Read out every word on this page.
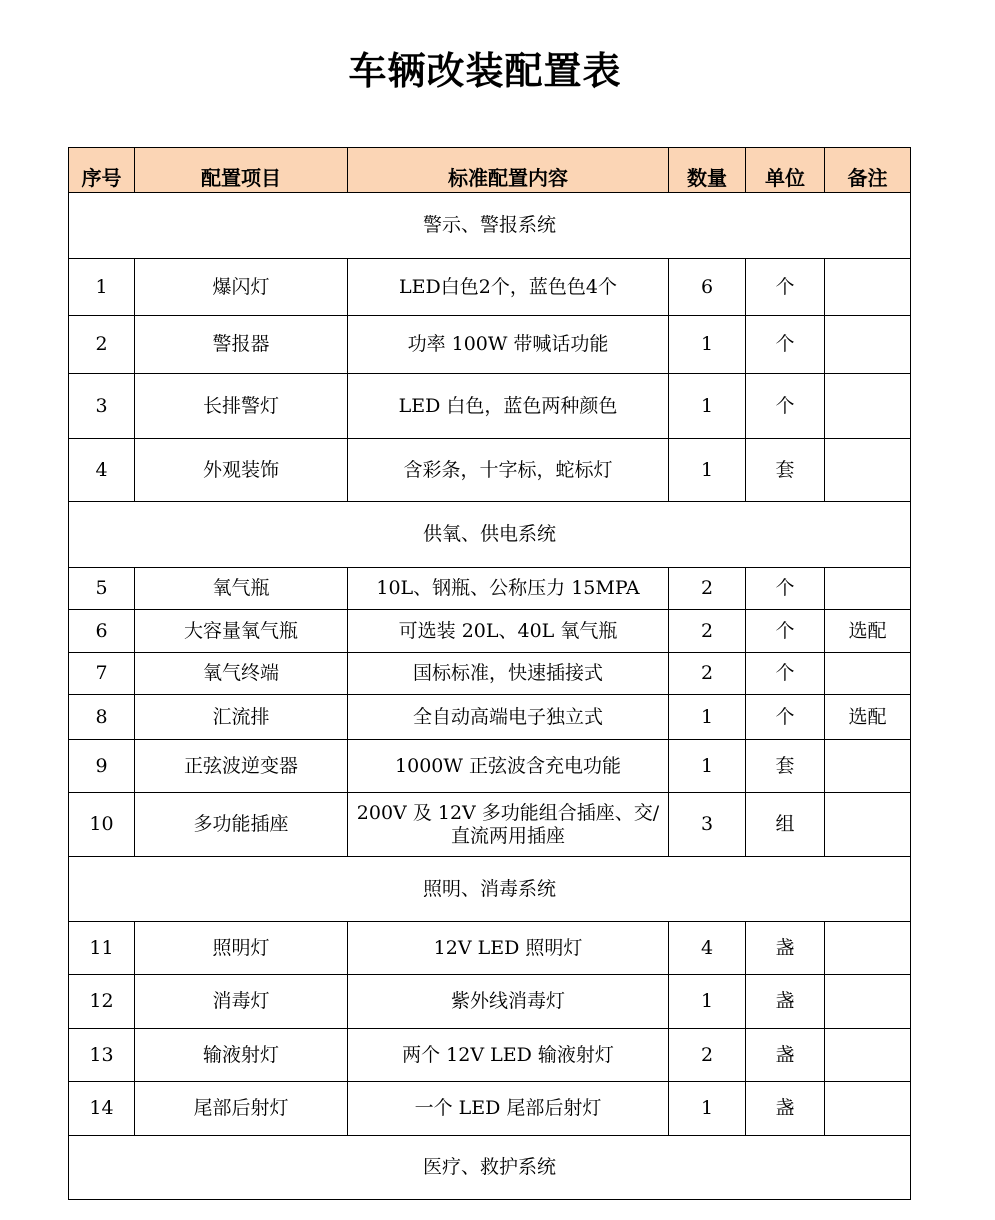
车辆改装配置表
序号	配置项目	标准配置内容	数量	单位	备注
警示、警报系统					
1	爆闪灯	LED白色2个，蓝色色4个	6	个	
2	警报器	功率 100W 带喊话功能	1	个	
3	长排警灯	LED 白色，蓝色两种颜色	1	个	
4	外观装饰	含彩条，十字标，蛇标灯	1	套	
供氧、供电系统					
5	氧气瓶	10L、钢瓶、公称压力 15MPA	2	个	
6	大容量氧气瓶	可选装 20L、40L 氧气瓶	2	个	选配
7	氧气终端	国标标准，快速插接式	2	个	
8	汇流排	全自动高端电子独立式	1	个	选配
9	正弦波逆变器	1000W 正弦波含充电功能	1	套	
10	多功能插座	200V 及 12V 多功能组合插座、交/直流两用插座	3	组	
照明、消毒系统					
11	照明灯	12V LED 照明灯	4	盏	
12	消毒灯	紫外线消毒灯	1	盏	
13	输液射灯	两个 12V LED 输液射灯	2	盏	
14	尾部后射灯	一个 LED 尾部后射灯	1	盏	
医疗、救护系统					
